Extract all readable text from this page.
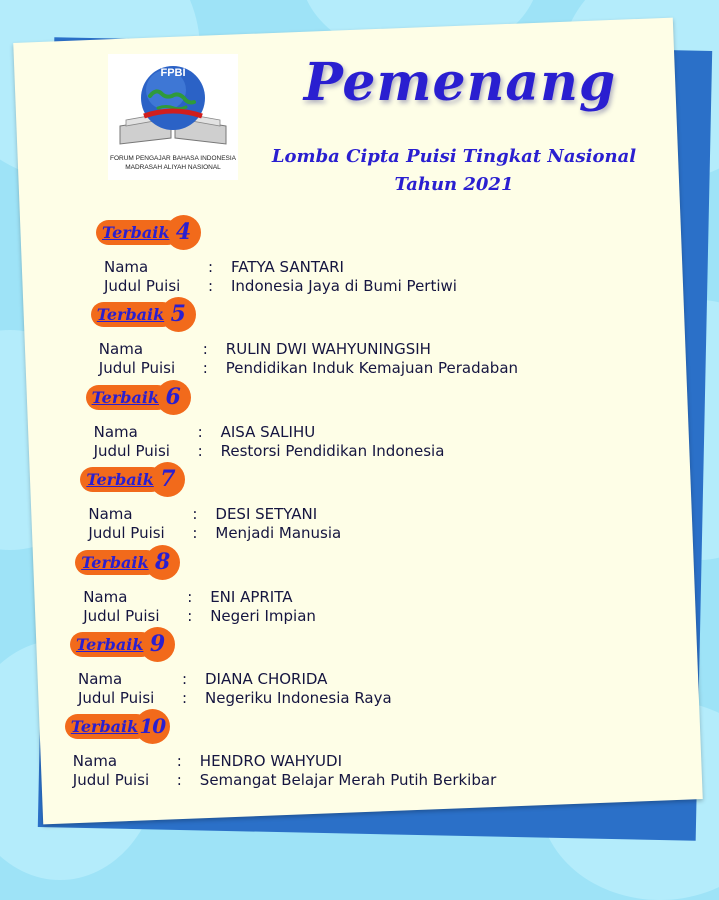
FPBI
FORUM PENGAJAR BAHASA INDONESIA
MADRASAH ALIYAH NASIONAL
Pemenang
Lomba Cipta Puisi Tingkat Nasional
Tahun 2021
Terbaik 4
Nama	: FATYA SANTARI
Judul Puisi : Indonesia Jaya di Bumi Pertiwi
Terbaik 5
Nama	: RULIN DWI WAHYUNINGSIH
Judul Puisi : Pendidikan Induk Kemajuan Peradaban
Terbaik 6
Nama	: AISA SALIHU
Judul Puisi : Restorsi Pendidikan Indonesia
Terbaik 7
Nama	: DESI SETYANI
Judul Puisi : Menjadi Manusia
Terbaik 8
Nama	: ENI APRITA
Judul Puisi : Negeri Impian
Terbaik 9
Nama	: DIANA CHORIDA
Judul Puisi : Negeriku Indonesia Raya
Terbaik 10
Nama	: HENDRO WAHYUDI
Judul Puisi : Semangat Belajar Merah Putih Berkibar
